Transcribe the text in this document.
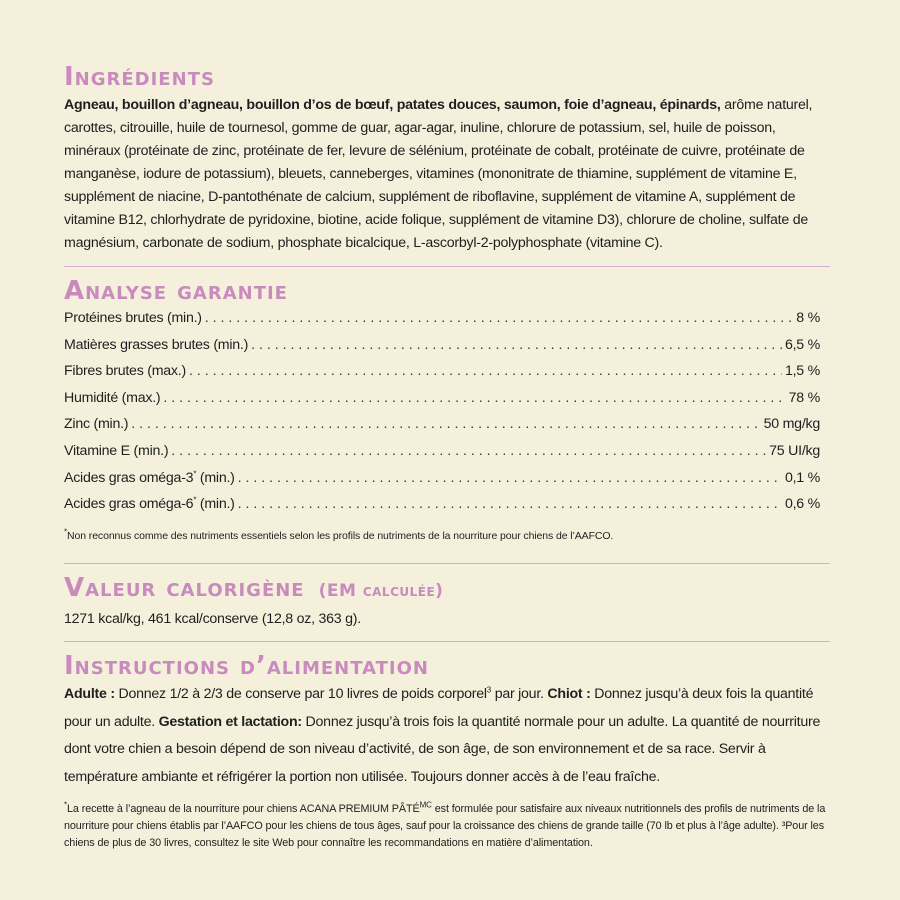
Ingrédients
Agneau, bouillon d’agneau, bouillon d’os de bœuf, patates douces, saumon, foie d’agneau, épinards, arôme naturel, carottes, citrouille, huile de tournesol, gomme de guar, agar-agar, inuline, chlorure de potassium, sel, huile de poisson, minéraux (protéinate de zinc, protéinate de fer, levure de sélénium, protéinate de cobalt, protéinate de cuivre, protéinate de manganèse, iodure de potassium), bleuets, canneberges, vitamines (mononitrate de thiamine, supplément de vitamine E, supplément de niacine, D-pantothénate de calcium, supplément de riboflavine, supplément de vitamine A, supplément de vitamine B12, chlorhydrate de pyridoxine, biotine, acide folique, supplément de vitamine D3), chlorure de choline, sulfate de magnésium, carbonate de sodium, phosphate bicalcique, L-ascorbyl-2-polyphosphate (vitamine C).
Analyse garantie
Protéines brutes (min.) . . .	8 %
Matières grasses brutes (min.) . . .	6,5 %
Fibres brutes (max.) . . .	1,5 %
Humidité (max.) . . .	78 %
Zinc (min.) . . .	50 mg/kg
Vitamine E (min.) . . .	75 UI/kg
Acides gras oméga-3* (min.) . . .	0,1 %
Acides gras oméga-6* (min.) . . .	0,6 %
*Non reconnus comme des nutriments essentiels selon les profils de nutriments de la nourriture pour chiens de l’AAFCO.
Valeur calorigène (EM calculée)
1271 kcal/kg, 461 kcal/conserve (12,8 oz, 363 g).
Instructions d’alimentation
Adulte : Donnez 1/2 à 2/3 de conserve par 10 livres de poids corporel$^3$ par jour. Chiot : Donnez jusqu’à deux fois la quantité pour un adulte. Gestation et lactation: Donnez jusqu’à trois fois la quantité normale pour un adulte. La quantité de nourriture dont votre chien a besoin dépend de son niveau d’activité, de son âge, de son environnement et de sa race. Servir à température ambiante et réfrigérer la portion non utilisée. Toujours donner accès à de l’eau fraîche.
*La recette à l’agneau de la nourriture pour chiens ACANA PREMIUM $PÂTÉ^{MC}$ est formulée pour satisfaire aux niveaux nutritionnels des profils de nutriments de la nourriture pour chiens établis par l’AAFCO pour les chiens de tous âges, sauf pour la croissance des chiens de grande taille (70 lb et plus à l’âge adulte). ³Pour les chiens de plus de 30 livres, consultez le site Web pour connaître les recommandations en matière d’alimentation.
